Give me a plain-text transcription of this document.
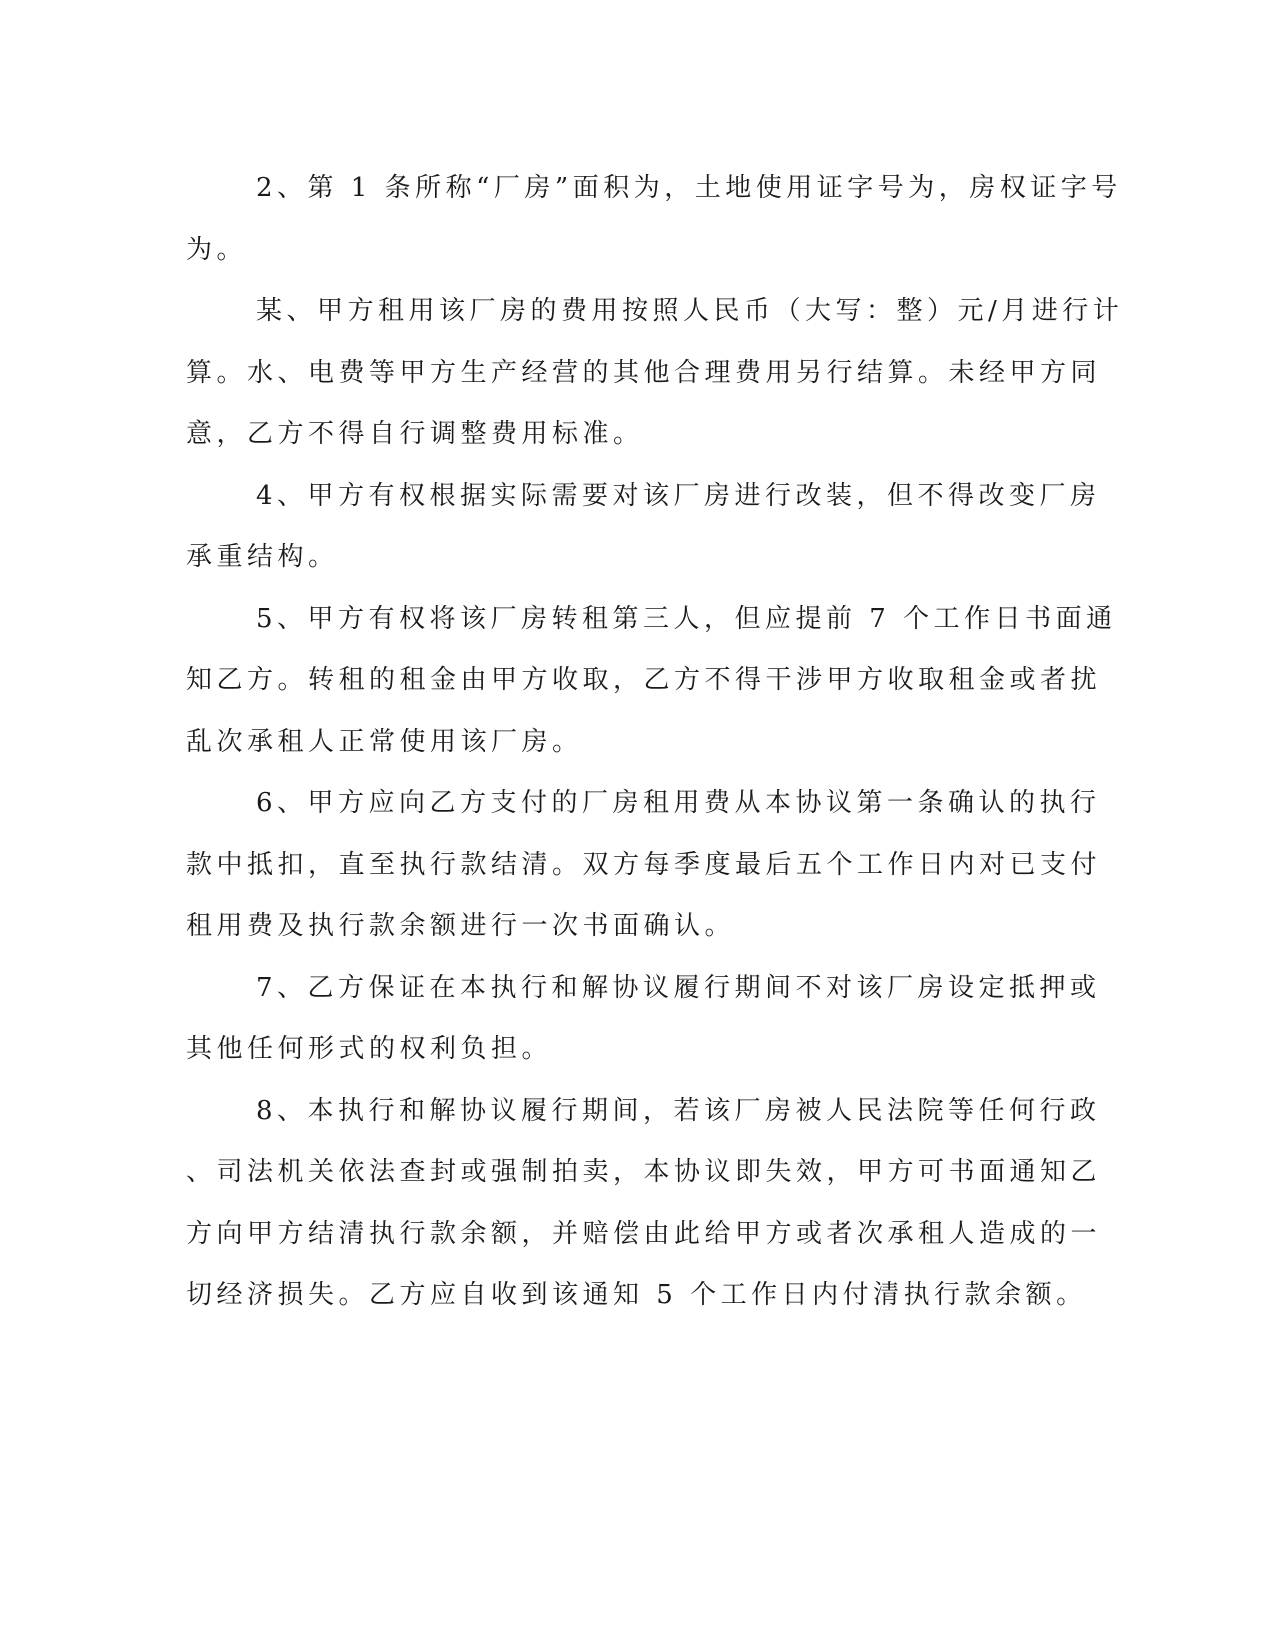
2、第 1 条所称“厂房”面积为，土地使用证字号为，房权证字号
为。

某、甲方租用该厂房的费用按照人民币（大写：整）元/月进行计
算。水、电费等甲方生产经营的其他合理费用另行结算。未经甲方同
意，乙方不得自行调整费用标准。

4、甲方有权根据实际需要对该厂房进行改装，但不得改变厂房
承重结构。

5、甲方有权将该厂房转租第三人，但应提前 7 个工作日书面通
知乙方。转租的租金由甲方收取，乙方不得干涉甲方收取租金或者扰
乱次承租人正常使用该厂房。

6、甲方应向乙方支付的厂房租用费从本协议第一条确认的执行
款中抵扣，直至执行款结清。双方每季度最后五个工作日内对已支付
租用费及执行款余额进行一次书面确认。

7、乙方保证在本执行和解协议履行期间不对该厂房设定抵押或
其他任何形式的权利负担。

8、本执行和解协议履行期间，若该厂房被人民法院等任何行政
、司法机关依法查封或强制拍卖，本协议即失效，甲方可书面通知乙
方向甲方结清执行款余额，并赔偿由此给甲方或者次承租人造成的一
切经济损失。乙方应自收到该通知 5 个工作日内付清执行款余额。
